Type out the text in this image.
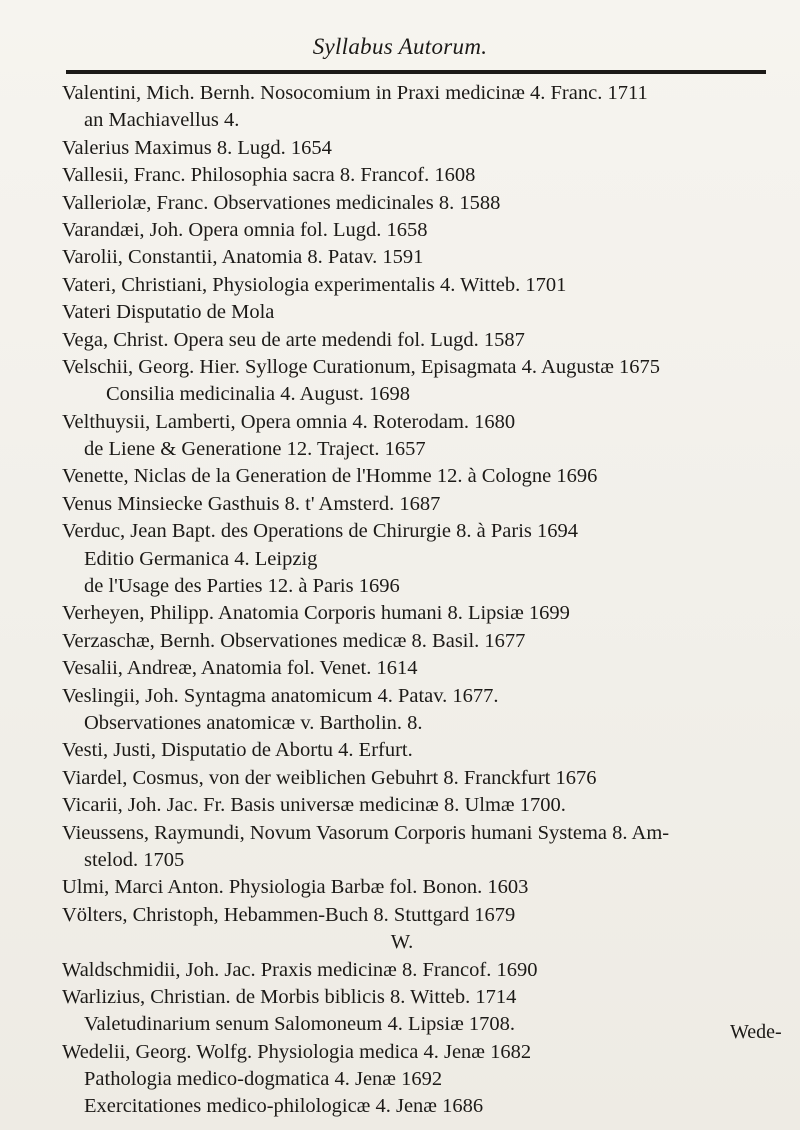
Syllabus Autorum.
Valentini, Mich. Bernh. Nosocomium in Praxi medicinæ 4. Franc. 1711
an Machiavellus 4.
Valerius Maximus 8. Lugd. 1654
Vallesii, Franc. Philosophia sacra 8. Francof. 1608
Valleriolæ, Franc. Observationes medicinales 8. 1588
Varandæi, Joh. Opera omnia fol. Lugd. 1658
Varolii, Constantii, Anatomia 8. Patav. 1591
Vateri, Christiani, Physiologia experimentalis 4. Witteb. 1701
Vateri Disputatio de Mola
Vega, Christ. Opera seu de arte medendi fol. Lugd. 1587
Velschii, Georg. Hier. Sylloge Curationum, Episagmata 4. Augustæ 1675
Consilia medicinalia 4. August. 1698
Velthuysii, Lamberti, Opera omnia 4. Roterodam. 1680
de Liene & Generatione 12. Traject. 1657
Venette, Niclas de la Generation de l'Homme 12. à Cologne 1696
Venus Minsiecke Gasthuis 8. t' Amsterd. 1687
Verduc, Jean Bapt. des Operations de Chirurgie 8. à Paris 1694
Editio Germanica 4. Leipzig
de l'Usage des Parties 12. à Paris 1696
Verheyen, Philipp. Anatomia Corporis humani 8. Lipsiæ 1699
Verzaschæ, Bernh. Observationes medicæ 8. Basil. 1677
Vesalii, Andreæ, Anatomia fol. Venet. 1614
Veslingii, Joh. Syntagma anatomicum 4. Patav. 1677.
Observationes anatomicæ v. Bartholin. 8.
Vesti, Justi, Disputatio de Abortu 4. Erfurt.
Viardel, Cosmus, von der weiblichen Gebuhrt 8. Franckfurt 1676
Vicarii, Joh. Jac. Fr. Basis universæ medicinæ 8. Ulmæ 1700.
Vieussens, Raymundi, Novum Vasorum Corporis humani Systema 8. Am-
stelod. 1705
Ulmi, Marci Anton. Physiologia Barbæ fol. Bonon. 1603
Völters, Christoph, Hebammen-Buch 8. Stuttgard 1679
W.
Waldschmidii, Joh. Jac. Praxis medicinæ 8. Francof. 1690
Warlizius, Christian. de Morbis biblicis 8. Witteb. 1714
Valetudinarium senum Salomoneum 4. Lipsiæ 1708.
Wedelii, Georg. Wolfg. Physiologia medica 4. Jenæ 1682
Pathologia medico-dogmatica 4. Jenæ 1692
Exercitationes medico-philologicæ 4. Jenæ 1686
Wede-
